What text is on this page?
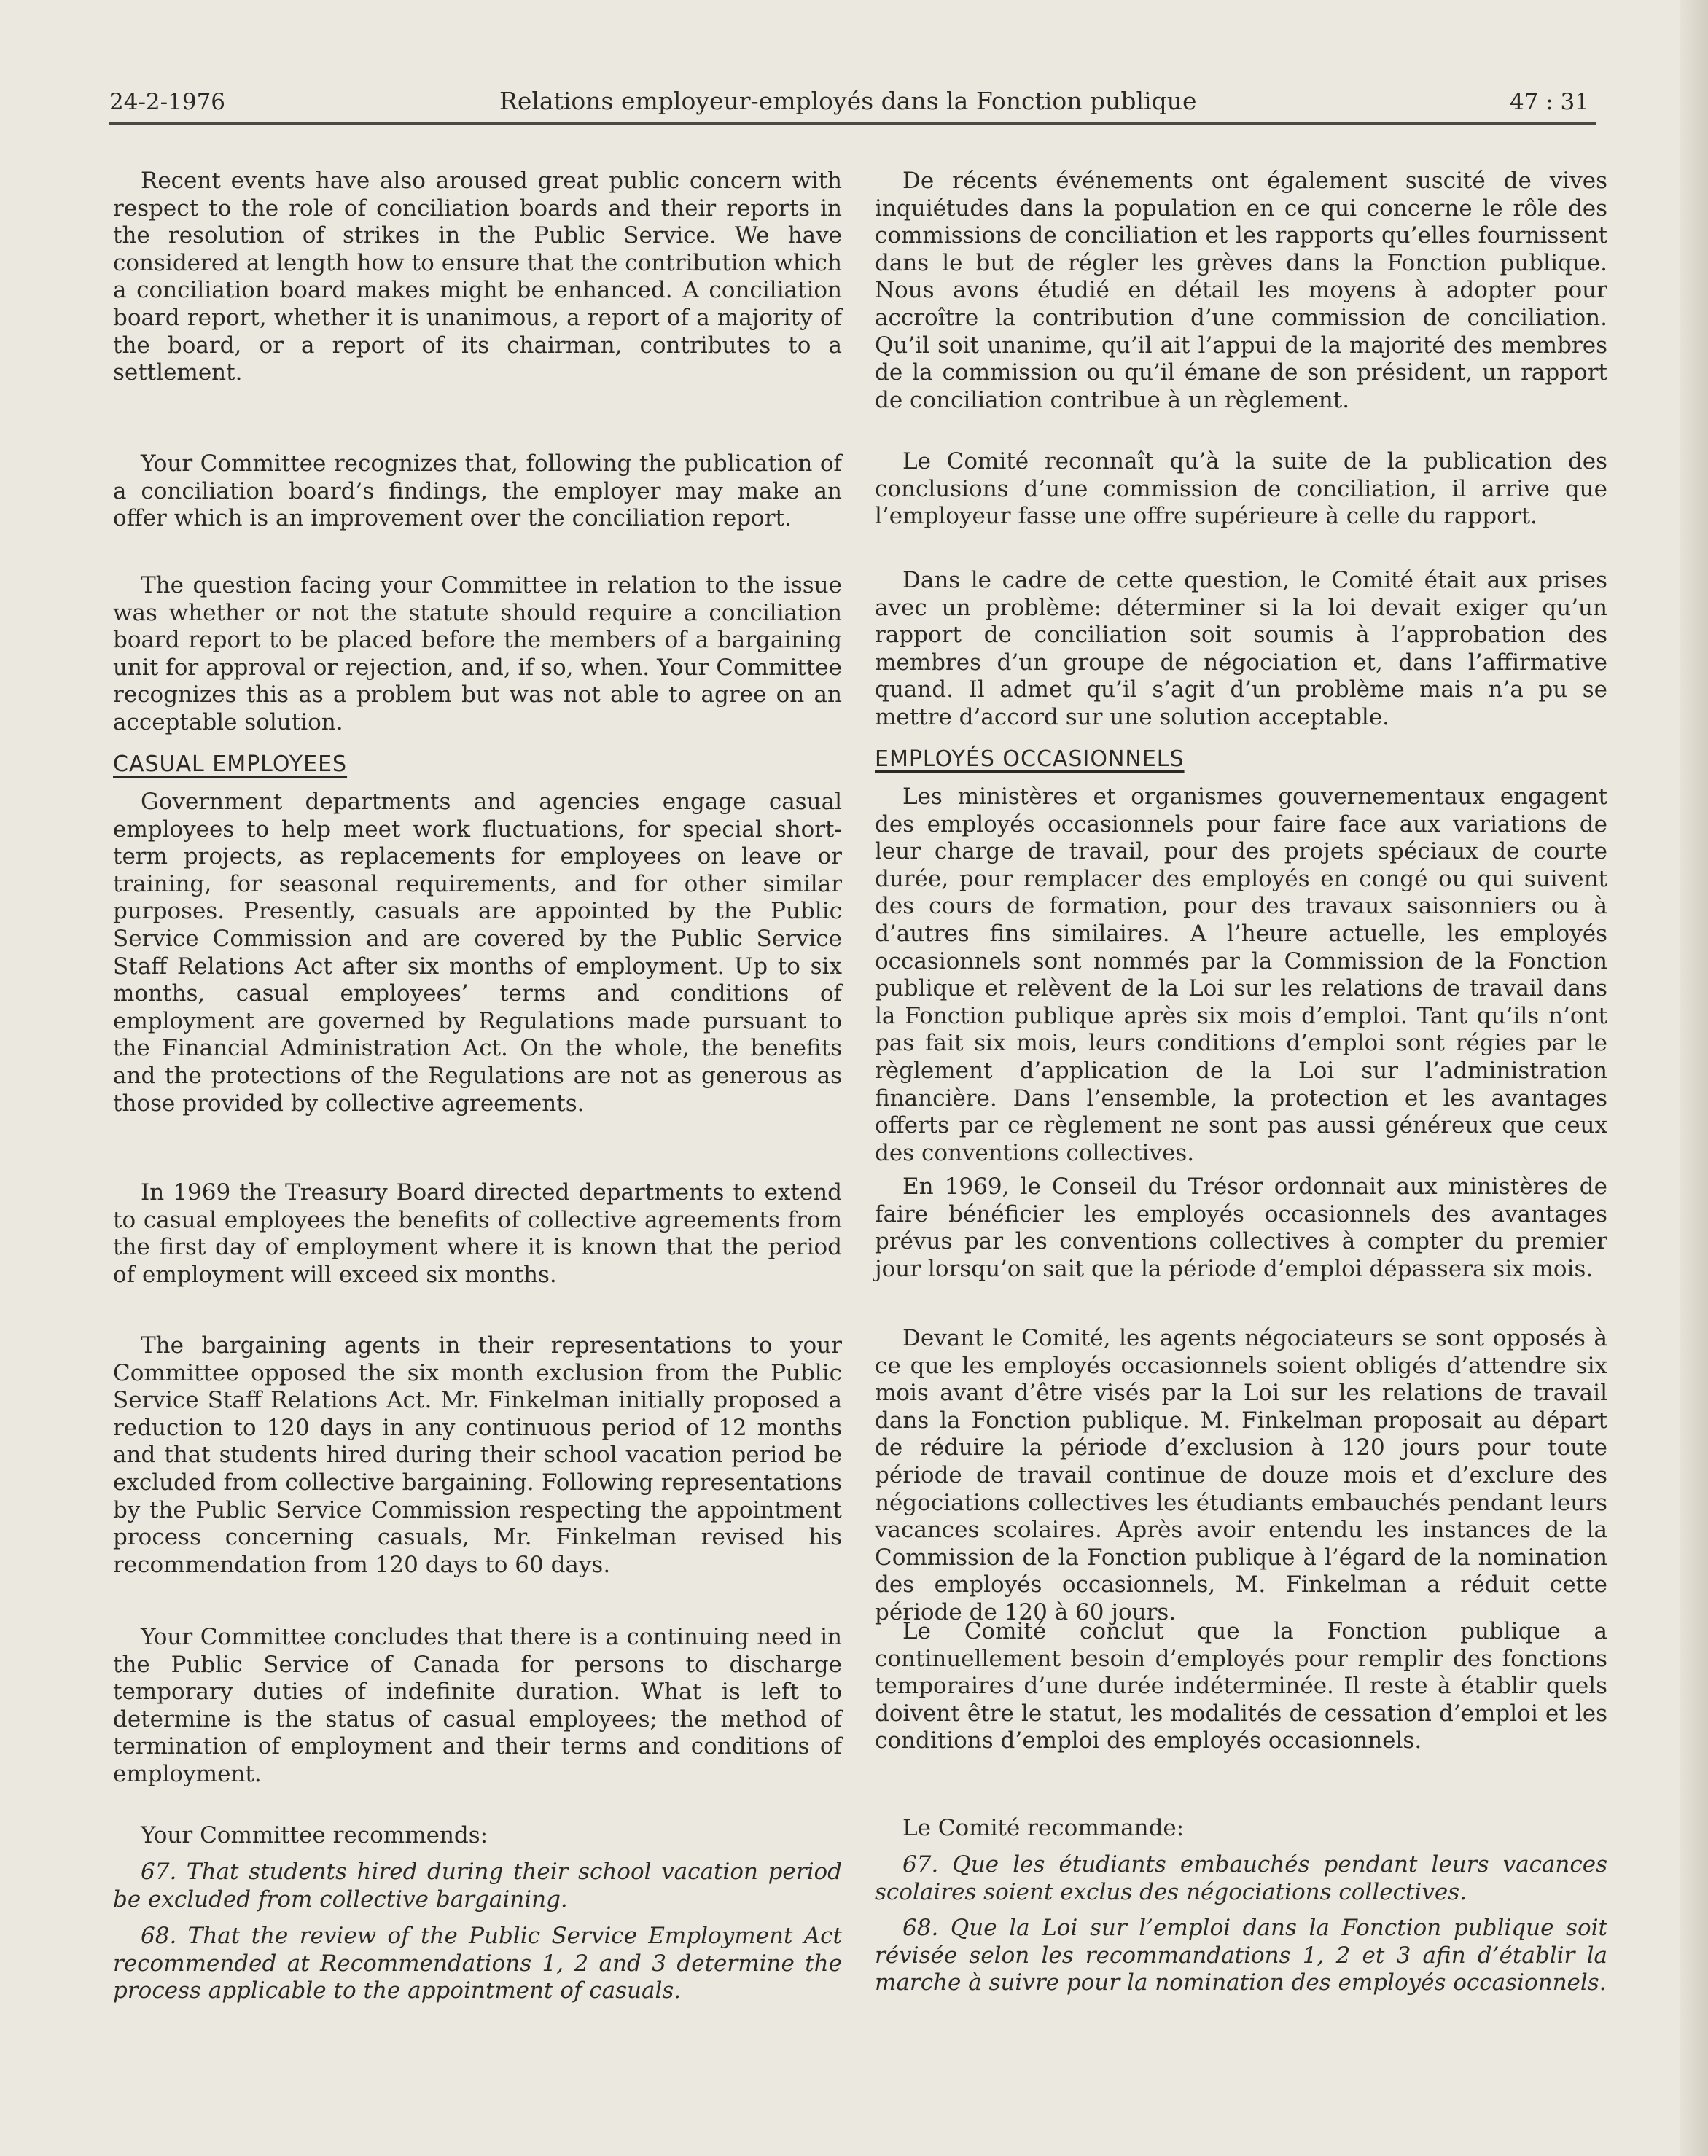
24-2-1976	Relations employeur-employés dans la Fonction publique	47 : 31

Recent events have also aroused great public concern with respect to the role of conciliation boards and their reports in the resolution of strikes in the Public Service. We have considered at length how to ensure that the contribution which a conciliation board makes might be enhanced. A conciliation board report, whether it is unanimous, a report of a majority of the board, or a report of its chairman, contributes to a settlement.

Your Committee recognizes that, following the publication of a conciliation board’s findings, the employer may make an offer which is an improvement over the conciliation report.

The question facing your Committee in relation to the issue was whether or not the statute should require a conciliation board report to be placed before the members of a bargaining unit for approval or rejection, and, if so, when. Your Committee recognizes this as a problem but was not able to agree on an acceptable solution.

CASUAL EMPLOYEES

Government departments and agencies engage casual employees to help meet work fluctuations, for special short-term projects, as replacements for employees on leave or training, for seasonal requirements, and for other similar purposes. Presently, casuals are appointed by the Public Service Commission and are covered by the Public Service Staff Relations Act after six months of employment. Up to six months, casual employees’ terms and conditions of employment are governed by Regulations made pursuant to the Financial Administration Act. On the whole, the benefits and the protections of the Regulations are not as generous as those provided by collective agreements.

In 1969 the Treasury Board directed departments to extend to casual employees the benefits of collective agreements from the first day of employment where it is known that the period of employment will exceed six months.

The bargaining agents in their representations to your Committee opposed the six month exclusion from the Public Service Staff Relations Act. Mr. Finkelman initially proposed a reduction to 120 days in any continuous period of 12 months and that students hired during their school vacation period be excluded from collective bargaining. Following representations by the Public Service Commission respecting the appointment process concerning casuals, Mr. Finkelman revised his recommendation from 120 days to 60 days.

Your Committee concludes that there is a continuing need in the Public Service of Canada for persons to discharge temporary duties of indefinite duration. What is left to determine is the status of casual employees; the method of termination of employment and their terms and conditions of employment.

Your Committee recommends:

67. That students hired during their school vacation period be excluded from collective bargaining.

68. That the review of the Public Service Employment Act recommended at Recommendations 1, 2 and 3 determine the process applicable to the appointment of casuals.

De récents événements ont également suscité de vives inquiétudes dans la population en ce qui concerne le rôle des commissions de conciliation et les rapports qu’elles fournissent dans le but de régler les grèves dans la Fonction publique. Nous avons étudié en détail les moyens à adopter pour accroître la contribution d’une commission de conciliation. Qu’il soit unanime, qu’il ait l’appui de la majorité des membres de la commission ou qu’il émane de son président, un rapport de conciliation contribue à un règlement.

Le Comité reconnaît qu’à la suite de la publication des conclusions d’une commission de conciliation, il arrive que l’employeur fasse une offre supérieure à celle du rapport.

Dans le cadre de cette question, le Comité était aux prises avec un problème: déterminer si la loi devait exiger qu’un rapport de conciliation soit soumis à l’approbation des membres d’un groupe de négociation et, dans l’affirmative quand. Il admet qu’il s’agit d’un problème mais n’a pu se mettre d’accord sur une solution acceptable.

EMPLOYÉS OCCASIONNELS

Les ministères et organismes gouvernementaux engagent des employés occasionnels pour faire face aux variations de leur charge de travail, pour des projets spéciaux de courte durée, pour remplacer des employés en congé ou qui suivent des cours de formation, pour des travaux saisonniers ou à d’autres fins similaires. A l’heure actuelle, les employés occasionnels sont nommés par la Commission de la Fonction publique et relèvent de la Loi sur les relations de travail dans la Fonction publique après six mois d’emploi. Tant qu’ils n’ont pas fait six mois, leurs conditions d’emploi sont régies par le règlement d’application de la Loi sur l’administration financière. Dans l’ensemble, la protection et les avantages offerts par ce règlement ne sont pas aussi généreux que ceux des conventions collectives.

En 1969, le Conseil du Trésor ordonnait aux ministères de faire bénéficier les employés occasionnels des avantages prévus par les conventions collectives à compter du premier jour lorsqu’on sait que la période d’emploi dépassera six mois.

Devant le Comité, les agents négociateurs se sont opposés à ce que les employés occasionnels soient obligés d’attendre six mois avant d’être visés par la Loi sur les relations de travail dans la Fonction publique. M. Finkelman proposait au départ de réduire la période d’exclusion à 120 jours pour toute période de travail continue de douze mois et d’exclure des négociations collectives les étudiants embauchés pendant leurs vacances scolaires. Après avoir entendu les instances de la Commission de la Fonction publique à l’égard de la nomination des employés occasionnels, M. Finkelman a réduit cette période de 120 à 60 jours.

Le Comité conclut que la Fonction publique a continuellement besoin d’employés pour remplir des fonctions temporaires d’une durée indéterminée. Il reste à établir quels doivent être le statut, les modalités de cessation d’emploi et les conditions d’emploi des employés occasionnels.

Le Comité recommande:

67. Que les étudiants embauchés pendant leurs vacances scolaires soient exclus des négociations collectives.

68. Que la Loi sur l’emploi dans la Fonction publique soit révisée selon les recommandations 1, 2 et 3 afin d’établir la marche à suivre pour la nomination des employés occasionnels.
